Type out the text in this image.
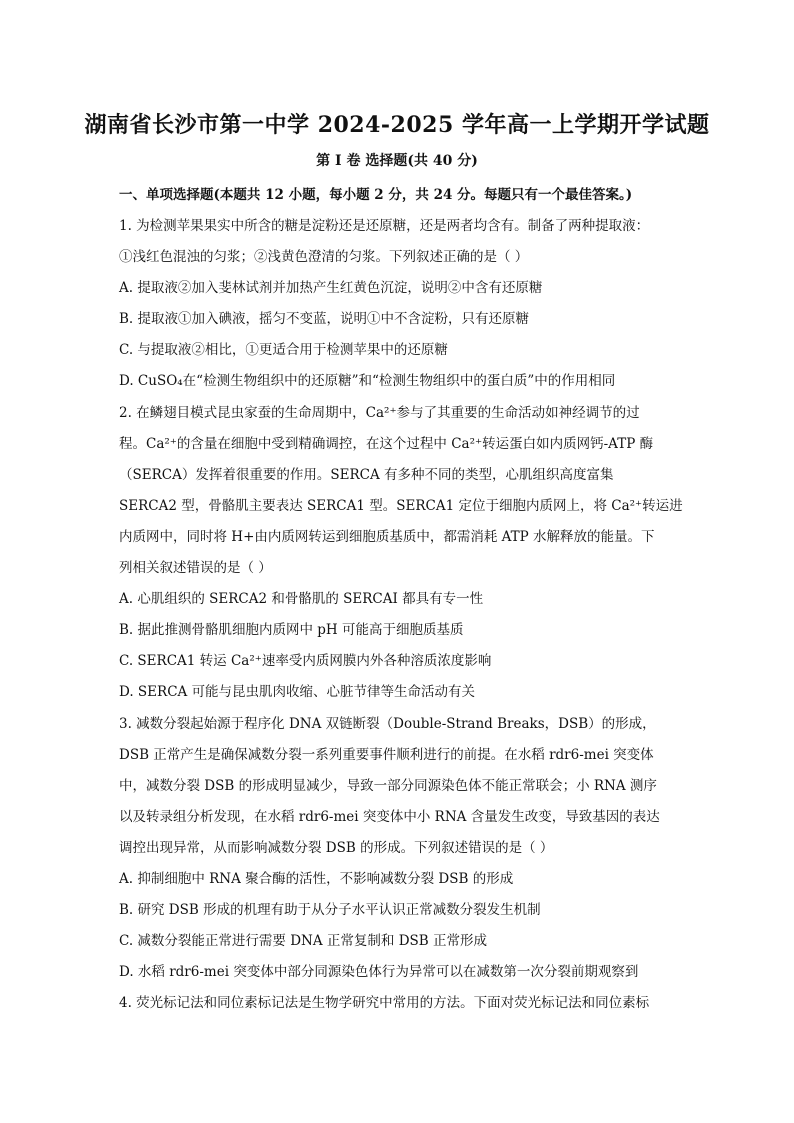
湖南省长沙市第一中学 2024-2025 学年高一上学期开学试题
第 I 卷 选择题(共 40 分)
一、单项选择题(本题共 12 小题，每小题 2 分，共 24 分。每题只有一个最佳答案。)
1. 为检测苹果果实中所含的糖是淀粉还是还原糖，还是两者均含有。制备了两种提取液：
①浅红色混浊的匀浆；②浅黄色澄清的匀浆。下列叙述正确的是（ ）
A. 提取液②加入斐林试剂并加热产生红黄色沉淀，说明②中含有还原糖
B. 提取液①加入碘液，摇匀不变蓝，说明①中不含淀粉，只有还原糖
C. 与提取液②相比，①更适合用于检测苹果中的还原糖
D. CuSO₄在“检测生物组织中的还原糖”和“检测生物组织中的蛋白质”中的作用相同
2. 在鳞翅目模式昆虫家蚕的生命周期中，Ca²⁺参与了其重要的生命活动如神经调节的过
程。Ca²⁺的含量在细胞中受到精确调控，在这个过程中 Ca²⁺转运蛋白如内质网钙-ATP 酶
（SERCA）发挥着很重要的作用。SERCA 有多种不同的类型，心肌组织高度富集
SERCA2 型，骨骼肌主要表达 SERCA1 型。SERCA1 定位于细胞内质网上，将 Ca²⁺转运进
内质网中，同时将 H+由内质网转运到细胞质基质中，都需消耗 ATP 水解释放的能量。下
列相关叙述错误的是（ ）
A. 心肌组织的 SERCA2 和骨骼肌的 SERCAI 都具有专一性
B. 据此推测骨骼肌细胞内质网中 pH 可能高于细胞质基质
C. SERCA1 转运 Ca²⁺速率受内质网膜内外各种溶质浓度影响
D. SERCA 可能与昆虫肌肉收缩、心脏节律等生命活动有关
3. 减数分裂起始源于程序化 DNA 双链断裂（Double-Strand Breaks，DSB）的形成，
DSB 正常产生是确保减数分裂一系列重要事件顺利进行的前提。在水稻 rdr6-mei 突变体
中，减数分裂 DSB 的形成明显减少，导致一部分同源染色体不能正常联会；小 RNA 测序
以及转录组分析发现，在水稻 rdr6-mei 突变体中小 RNA 含量发生改变，导致基因的表达
调控出现异常，从而影响减数分裂 DSB 的形成。下列叙述错误的是（ ）
A. 抑制细胞中 RNA 聚合酶的活性，不影响减数分裂 DSB 的形成
B. 研究 DSB 形成的机理有助于从分子水平认识正常减数分裂发生机制
C. 减数分裂能正常进行需要 DNA 正常复制和 DSB 正常形成
D. 水稻 rdr6-mei 突变体中部分同源染色体行为异常可以在减数第一次分裂前期观察到
4. 荧光标记法和同位素标记法是生物学研究中常用的方法。下面对荧光标记法和同位素标
